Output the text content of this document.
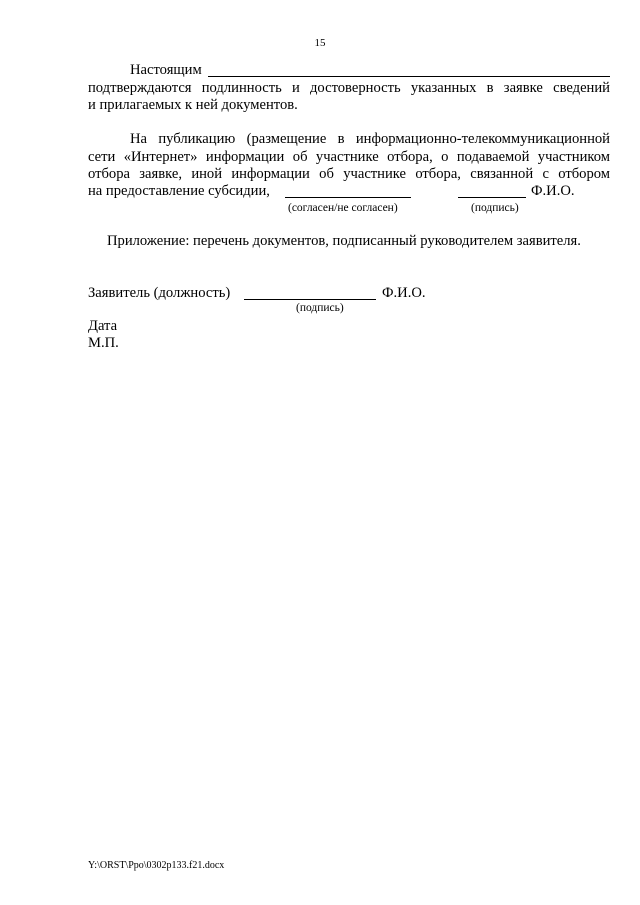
15
Настоящим
подтверждаются подлинность и достоверность указанных в заявке сведений
и прилагаемых к ней документов.
На публикацию (размещение в информационно-телекоммуникационной
сети «Интернет» информации об участнике отбора, о подаваемой участником
отбора заявке, иной информации об участнике отбора, связанной с отбором
на предоставление субсидии,	Ф.И.О.
(согласен/не согласен)	(подпись)
Приложение: перечень документов, подписанный руководителем заявителя.
Заявитель (должность)	Ф.И.О.
(подпись)
Дата
М.П.
Y:\ORST\Ppo\0302p133.f21.docx
